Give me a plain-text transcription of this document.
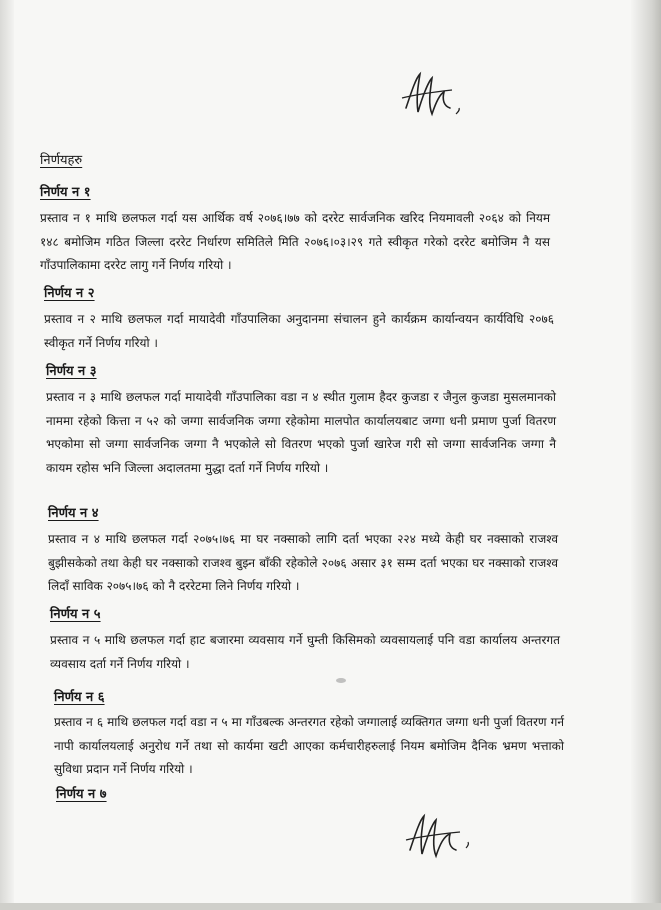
निर्णयहरु
निर्णय न १
प्रस्ताव न १ माथि छलफल गर्दा यस आर्थिक वर्ष २०७६।७७ को दररेट सार्वजनिक खरिद नियमावली २०६४ को नियम १४८ बमोजिम गठित जिल्ला दररेट निर्धारण समितिले मिति २०७६।०३।२९ गते स्वीकृत गरेको दररेट बमोजिम नै यस गाँउपालिकामा दररेट लागु गर्ने निर्णय गरियो ।
निर्णय न २
प्रस्ताव न २ माथि छलफल गर्दा मायादेवी गाँउपालिका अनुदानमा संचालन हुने कार्यक्रम कार्यान्वयन कार्यविधि २०७६ स्वीकृत गर्ने निर्णय गरियो ।
निर्णय न ३
प्रस्ताव न ३ माथि छलफल गर्दा मायादेवी गाँउपालिका वडा न ४ स्थीत गुलाम हैदर कुजडा र जैनुल कुजडा मुसलमानको नाममा रहेको कित्ता न ५२ को जग्गा सार्वजनिक जग्गा रहेकोमा मालपोत कार्यालयबाट जग्गा धनी प्रमाण पुर्जा वितरण भएकोमा सो जग्गा सार्वजनिक जग्गा नै भएकोले सो वितरण भएको पुर्जा खारेज गरी सो जग्गा सार्वजनिक जग्गा नै कायम रहोस भनि जिल्ला अदालतमा मुद्धा दर्ता गर्ने निर्णय गरियो ।
निर्णय न ४
प्रस्ताव न ४ माथि छलफल गर्दा २०७५।७६ मा घर नक्साको लागि दर्ता भएका २२४ मध्ये केही घर नक्साको राजश्व बुझीसकेको तथा केही घर नक्साको राजश्व बुझ्न बाँकी रहेकोले २०७६ असार ३१ सम्म दर्ता भएका घर नक्साको राजश्व लिदाँ साविक २०७५।७६ को नै दररेटमा लिने निर्णय गरियो ।
निर्णय न ५
प्रस्ताव न ५ माथि छलफल गर्दा हाट बजारमा व्यवसाय गर्ने घुम्ती किसिमको व्यवसायलाई पनि वडा कार्यालय अन्तरगत व्यवसाय दर्ता गर्ने निर्णय गरियो ।
निर्णय न ६
प्रस्ताव न ६ माथि छलफल गर्दा वडा न ५ मा गाँउबल्क अन्तरगत रहेको जग्गालाई व्यक्तिगत जग्गा धनी पुर्जा वितरण गर्न नापी कार्यालयलाई अनुरोध गर्ने तथा सो कार्यमा खटी आएका कर्मचारीहरुलाई नियम बमोजिम दैनिक भ्रमण भत्ताको सुविधा प्रदान गर्ने निर्णय गरियो ।
निर्णय न ७
